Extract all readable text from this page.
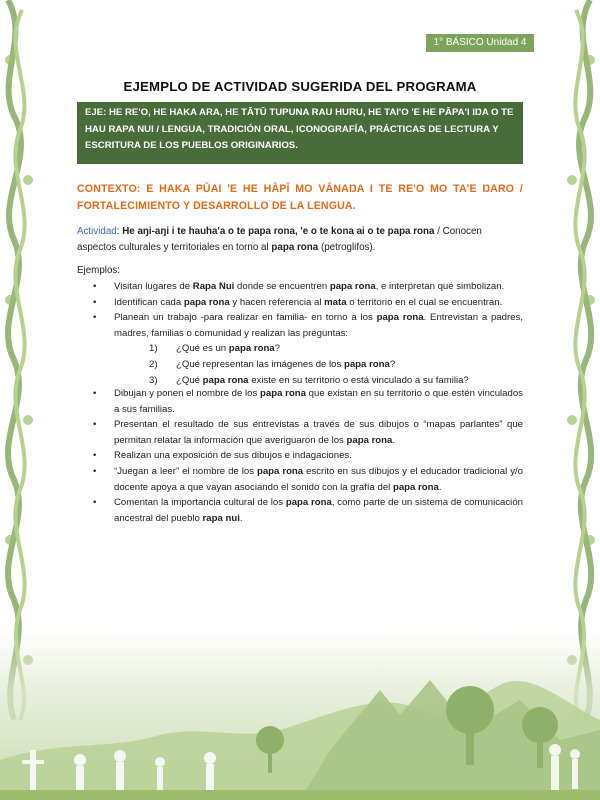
1° BÁSICO Unidad 4
EJEMPLO DE ACTIVIDAD SUGERIDA DEL PROGRAMA
EJE: HE RE'O, HE HAKA ARA, HE TĀTŪ TUPUNA RAU HURU, HE TAI'O 'E HE PĀPA'I IŊA O TE HAU RAPA NUI / LENGUA, TRADICIÓN ORAL, ICONOGRAFÍA, PRÁCTICAS DE LECTURA Y ESCRITURA DE LOS PUEBLOS ORIGINARIOS.
CONTEXTO: E HAKA PŪAI 'E HE HĀPĪ MO VĀNAŊA I TE RE'O MO TA'E ŊARO / FORTALECIMIENTO Y DESARROLLO DE LA LENGUA.
Actividad: He aŋi-aŋi i te hauha'a o te papa rona, 'e o te kona ai o te papa rona / Conocen aspectos culturales y territoriales en torno al papa rona (petroglifos).
Ejemplos:
• Visitan lugares de Rapa Nui donde se encuentren papa rona, e interpretan qué simbolizan.
• Identifican cada papa rona y hacen referencia al mata o territorio en el cual se encuentran.
• Planean un trabajo -para realizar en familia- en torno a los papa rona. Entrevistan a padres, madres, familias o comunidad y realizan las preguntas:
1) ¿Qué es un papa rona?
2) ¿Qué representan las imágenes de los papa rona?
3) ¿Qué papa rona existe en su territorio o está vinculado a su familia?
• Dibujan y ponen el nombre de los papa rona que existan en su territorio o que estén vinculados a sus familias.
• Presentan el resultado de sus entrevistas a través de sus dibujos o “mapas parlantes” que permitan relatar la información que averiguaron de los papa rona.
• Realizan una exposición de sus dibujos e indagaciones.
• “Juegan a leer” el nombre de los papa rona escrito en sus dibujos y el educador tradicional y/o docente apoya a que vayan asociando el sonido con la grafía del papa rona.
• Comentan la importancia cultural de los papa rona, como parte de un sistema de comunicación ancestral del pueblo rapa nui.
